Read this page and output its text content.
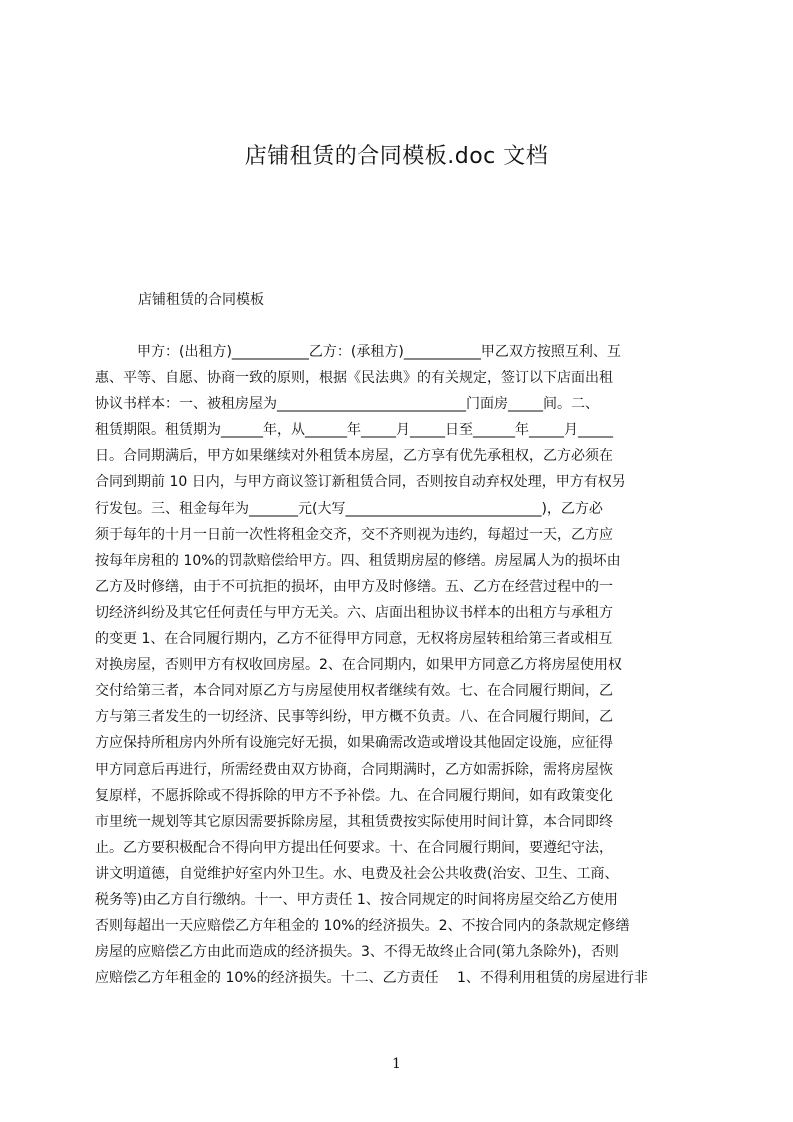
店铺租赁的合同模板.doc 文档
店铺租赁的合同模板
甲方：(出租方)___________乙方：(承租方)___________甲乙双方按照互利、互
惠、平等、自愿、协商一致的原则，根据《民法典》的有关规定，签订以下店面出租
协议书样本：一、被租房屋为___________________________门面房_____间。二、
租赁期限。租赁期为______年，从______年_____月_____日至______年_____月_____
日。合同期满后，甲方如果继续对外租赁本房屋，乙方享有优先承租权，乙方必须在
合同到期前 10 日内，与甲方商议签订新租赁合同，否则按自动弃权处理，甲方有权另
行发包。三、租金每年为_______元(大写____________________________)，乙方必
须于每年的十月一日前一次性将租金交齐，交不齐则视为违约，每超过一天，乙方应
按每年房租的 10%的罚款赔偿给甲方。四、租赁期房屋的修缮。房屋属人为的损坏由
乙方及时修缮，由于不可抗拒的损坏，由甲方及时修缮。五、乙方在经营过程中的一
切经济纠纷及其它任何责任与甲方无关。六、店面出租协议书样本的出租方与承租方
的变更 1、在合同履行期内，乙方不征得甲方同意，无权将房屋转租给第三者或相互
对换房屋，否则甲方有权收回房屋。2、在合同期内，如果甲方同意乙方将房屋使用权
交付给第三者，本合同对原乙方与房屋使用权者继续有效。七、在合同履行期间，乙
方与第三者发生的一切经济、民事等纠纷，甲方概不负责。八、在合同履行期间，乙
方应保持所租房内外所有设施完好无损，如果确需改造或增设其他固定设施，应征得
甲方同意后再进行，所需经费由双方协商，合同期满时，乙方如需拆除，需将房屋恢
复原样，不愿拆除或不得拆除的甲方不予补偿。九、在合同履行期间，如有政策变化
市里统一规划等其它原因需要拆除房屋，其租赁费按实际使用时间计算，本合同即终
止。乙方要积极配合不得向甲方提出任何要求。十、在合同履行期间，要遵纪守法，
讲文明道德，自觉维护好室内外卫生。水、电费及社会公共收费(治安、卫生、工商、
税务等)由乙方自行缴纳。十一、甲方责任 1、按合同规定的时间将房屋交给乙方使用
否则每超出一天应赔偿乙方年租金的 10%的经济损失。2、不按合同内的条款规定修缮
房屋的应赔偿乙方由此而造成的经济损失。3、不得无故终止合同(第九条除外)，否则
应赔偿乙方年租金的 10%的经济损失。十二、乙方责任　 1、不得利用租赁的房屋进行非
1
